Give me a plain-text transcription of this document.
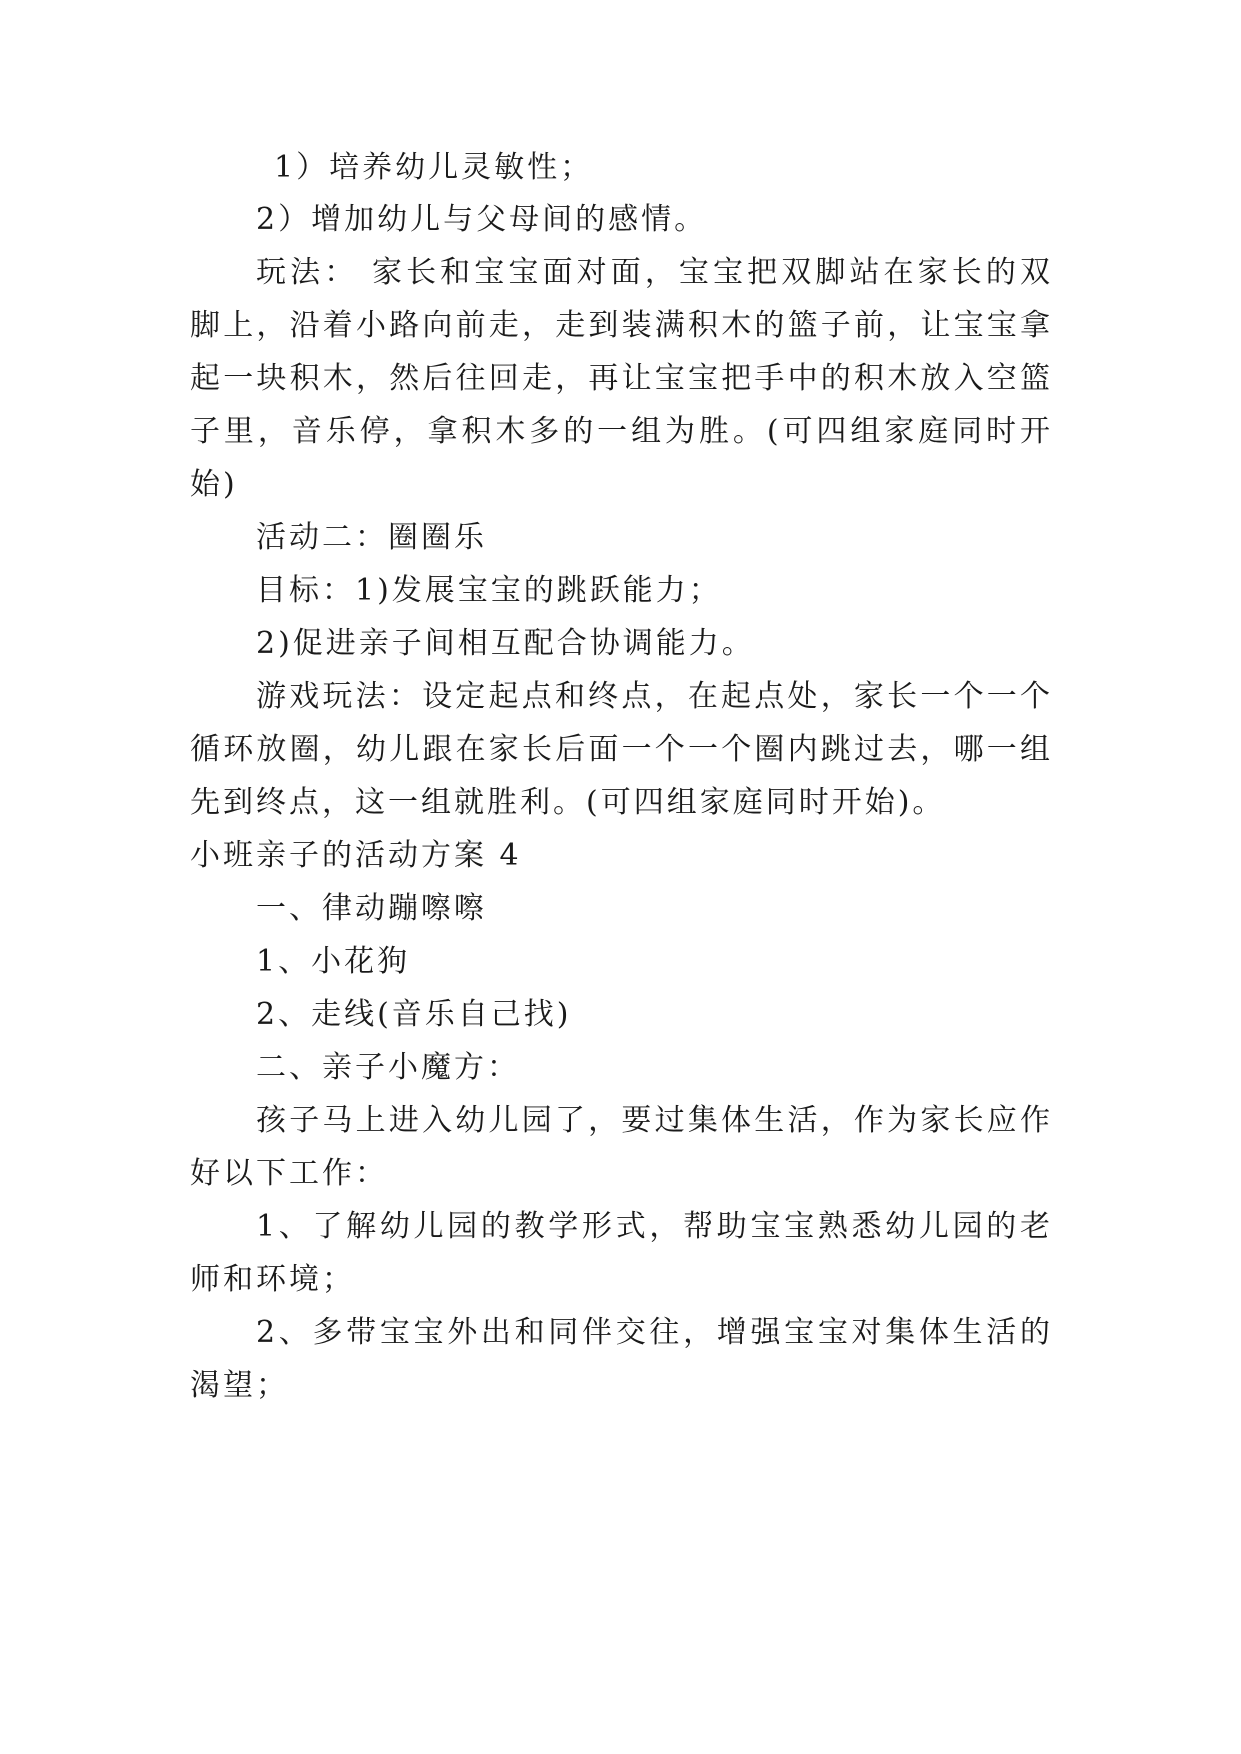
1）培养幼儿灵敏性；
2）增加幼儿与父母间的感情。
玩法： 家长和宝宝面对面，宝宝把双脚站在家长的双
脚上，沿着小路向前走，走到装满积木的篮子前，让宝宝拿
起一块积木，然后往回走，再让宝宝把手中的积木放入空篮
子里，音乐停，拿积木多的一组为胜。(可四组家庭同时开
始)
活动二：圈圈乐
目标：1)发展宝宝的跳跃能力；
2)促进亲子间相互配合协调能力。
游戏玩法：设定起点和终点，在起点处，家长一个一个
循环放圈，幼儿跟在家长后面一个一个圈内跳过去，哪一组
先到终点，这一组就胜利。(可四组家庭同时开始)。
小班亲子的活动方案 4
一、律动蹦嚓嚓
1、小花狗
2、走线(音乐自己找)
二、亲子小魔方：
孩子马上进入幼儿园了，要过集体生活，作为家长应作
好以下工作：
1、了解幼儿园的教学形式，帮助宝宝熟悉幼儿园的老
师和环境；
2、多带宝宝外出和同伴交往，增强宝宝对集体生活的
渴望；
